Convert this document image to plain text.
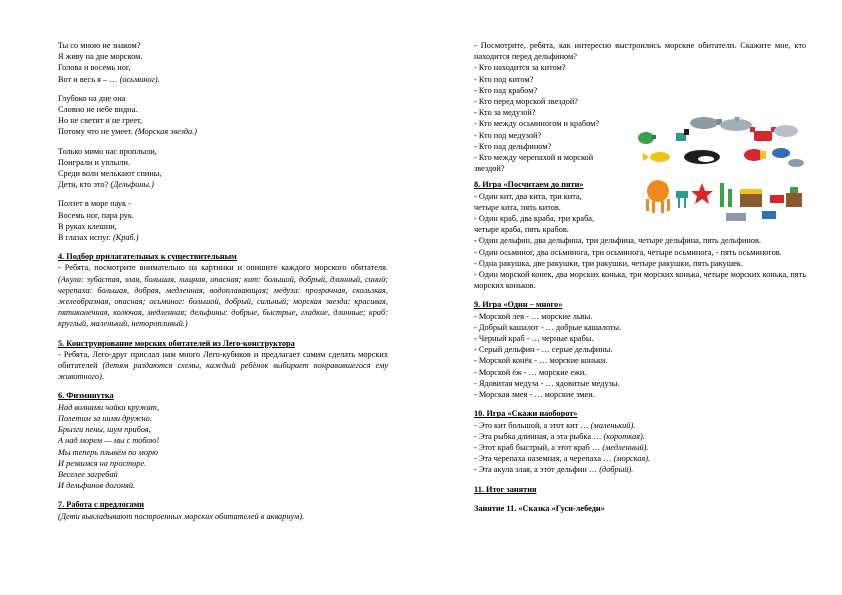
Ты со мною не знаком?
Я живу на дне морском.
Голова и восемь ног,
Вот и весь я – … (осьминог).
Глубоко на дне она
Словно не небе видна.
Но не светит и не греет,
Потому что не умеет. (Морская звезда.)
Только мимо нас проплыли,
Поиграли и уплыли.
Среди волн мелькают спины,
Дети, кто это? (Дельфины.)
Ползет в море паук -
Восемь ног, пара рук.
В руках клешни,
В глазах испуг. (Краб.)
4. Подбор прилагательных к существительным
- Ребята, посмотрите внимательно на картинки и опишите каждого морского обитателя. (Акула: зубастая, злая, большая, хищная, опасная; кит: большой, добрый, длинный, синий; черепаха: большая, добрая, медленная, водоплавающая; медуза: прозрачная, скользкая, желеобразная, опасная; осьминог: большой, добрый, сильный; морская звезда: красивая, пятиконечная, колючая, медленная; дельфины: добрые, быстрые, гладкие, длинные; краб: круглый, маленький, неторопливый.)
5. Конструирование морских обитателей из Лего-конструктора
- Ребята, Лего-друг прислал нам много Лего-кубиков и предлагает самим сделать морских обитателей (детям раздаются схемы, каждый ребёнок выбирает понравившегося ему животного).
6. Физминутка
Над волнами чайки кружат,
Полетим за ними дружно.
Брызги пены, шум прибоя,
А над морем — мы с тобою!
Мы теперь плывём по морю
И резвимся на просторе.
Веселее загребай
И дельфинов догоняй.
7. Работа с предлогами
(Дети выкладывают построенных морских обитателей в аквариум).
- Посмотрите, ребята, как интересно выстроились морские обитатели. Скажите мне, кто находится перед дельфином?
- Кто находится за китом?
- Кто под китом?
- Кто над крабом?
- Кто перед морской звездой?
- Кто за медузой?
- Кто между осьминогом и крабом?
- Кто под медузой?
- Кто над дельфином?
- Кто между черепахой и морской
звездой?
8. Игра «Посчитаем до пяти»
- Один кит, два кита, три кита,
четыре кита, пять китов.
- Один краб, два краба, три краба,
четыре краба, пять крабов.
- Один дельфин, два дельфина, три дельфина, четыре дельфина, пять дельфинов.
- Один осьминог, два осьминога, три осьминога, четыре осьминога, - пять осьминогов.
- Одна ракушка, две ракушки, три ракушки, четыре ракушки, пять ракушек.
- Один морской конек, два морских конька, три морских конька, четыре морских конька, пять морских коньков.
9. Игра «Один – много»
- Морской лев - … морские львы.
- Добрый кашалот - … добрые кашалоты.
- Черный краб - … черные крабы.
- Серый дельфин - … серые дельфины.
- Морской конёк - … морские коньки.
- Морской ёж - … морские ежи.
- Ядовитая медуза - … ядовитые медузы.
- Морская змея - … морские змеи.
10. Игра «Скажи наоборот»
- Это кит большой, а этот кит … (маленький).
- Эта рыбка длинная, а эта рыбка … (короткая).
- Этот краб быстрый, а этот краб … (медленный).
- Эта черепаха наземная, а черепаха … (морская).
- Эта акула злая, а этот дельфин … (добрый).
11. Итог занятия
Занятие 11. «Сказка «Гуси-лебеди»
